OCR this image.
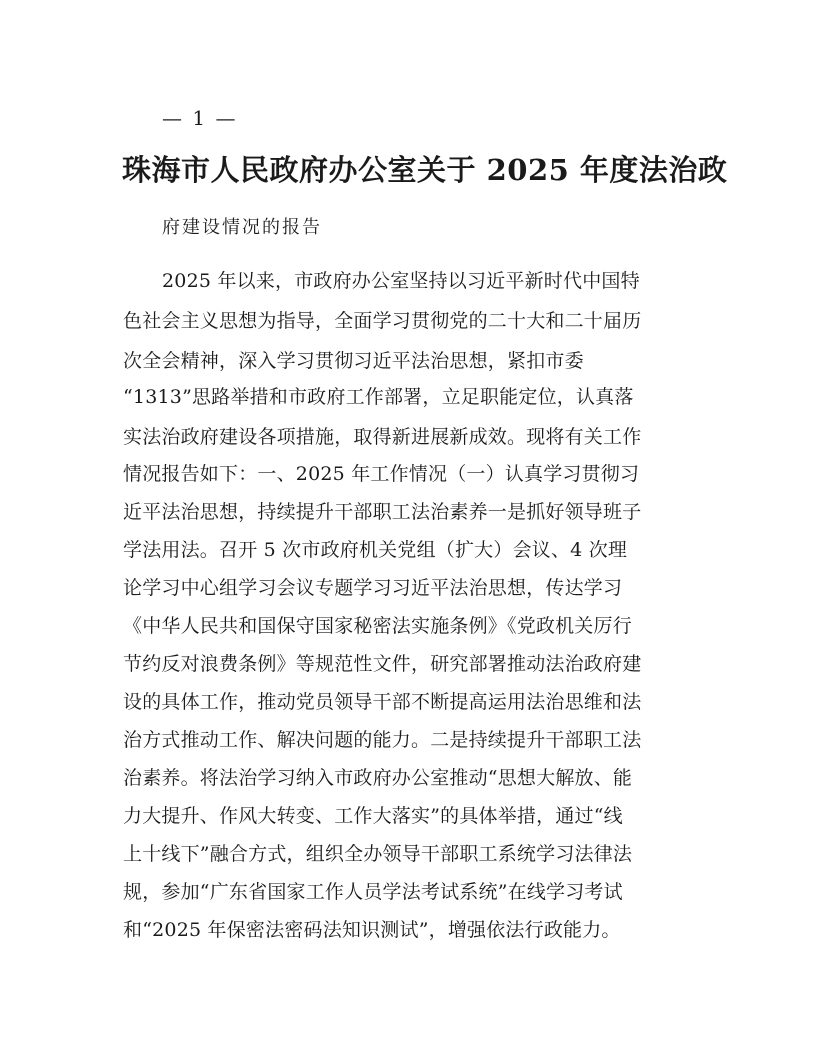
— 1 —
珠海市人民政府办公室关于 2025 年度法治政
府建设情况的报告
2025 年以来，市政府办公室坚持以习近平新时代中国特
色社会主义思想为指导，全面学习贯彻党的二十大和二十届历
次全会精神，深入学习贯彻习近平法治思想，紧扣市委
“1313”思路举措和市政府工作部署，立足职能定位，认真落
实法治政府建设各项措施，取得新进展新成效。现将有关工作
情况报告如下：一、2025 年工作情况（一）认真学习贯彻习
近平法治思想，持续提升干部职工法治素养一是抓好领导班子
学法用法。召开 5 次市政府机关党组（扩大）会议、4 次理
论学习中心组学习会议专题学习习近平法治思想，传达学习
《中华人民共和国保守国家秘密法实施条例》《党政机关厉行
节约反对浪费条例》等规范性文件，研究部署推动法治政府建
设的具体工作，推动党员领导干部不断提高运用法治思维和法
治方式推动工作、解决问题的能力。二是持续提升干部职工法
治素养。将法治学习纳入市政府办公室推动“思想大解放、能
力大提升、作风大转变、工作大落实”的具体举措，通过“线
上十线下”融合方式，组织全办领导干部职工系统学习法律法
规，参加“广东省国家工作人员学法考试系统”在线学习考试
和“2025 年保密法密码法知识测试”，增强依法行政能力。
